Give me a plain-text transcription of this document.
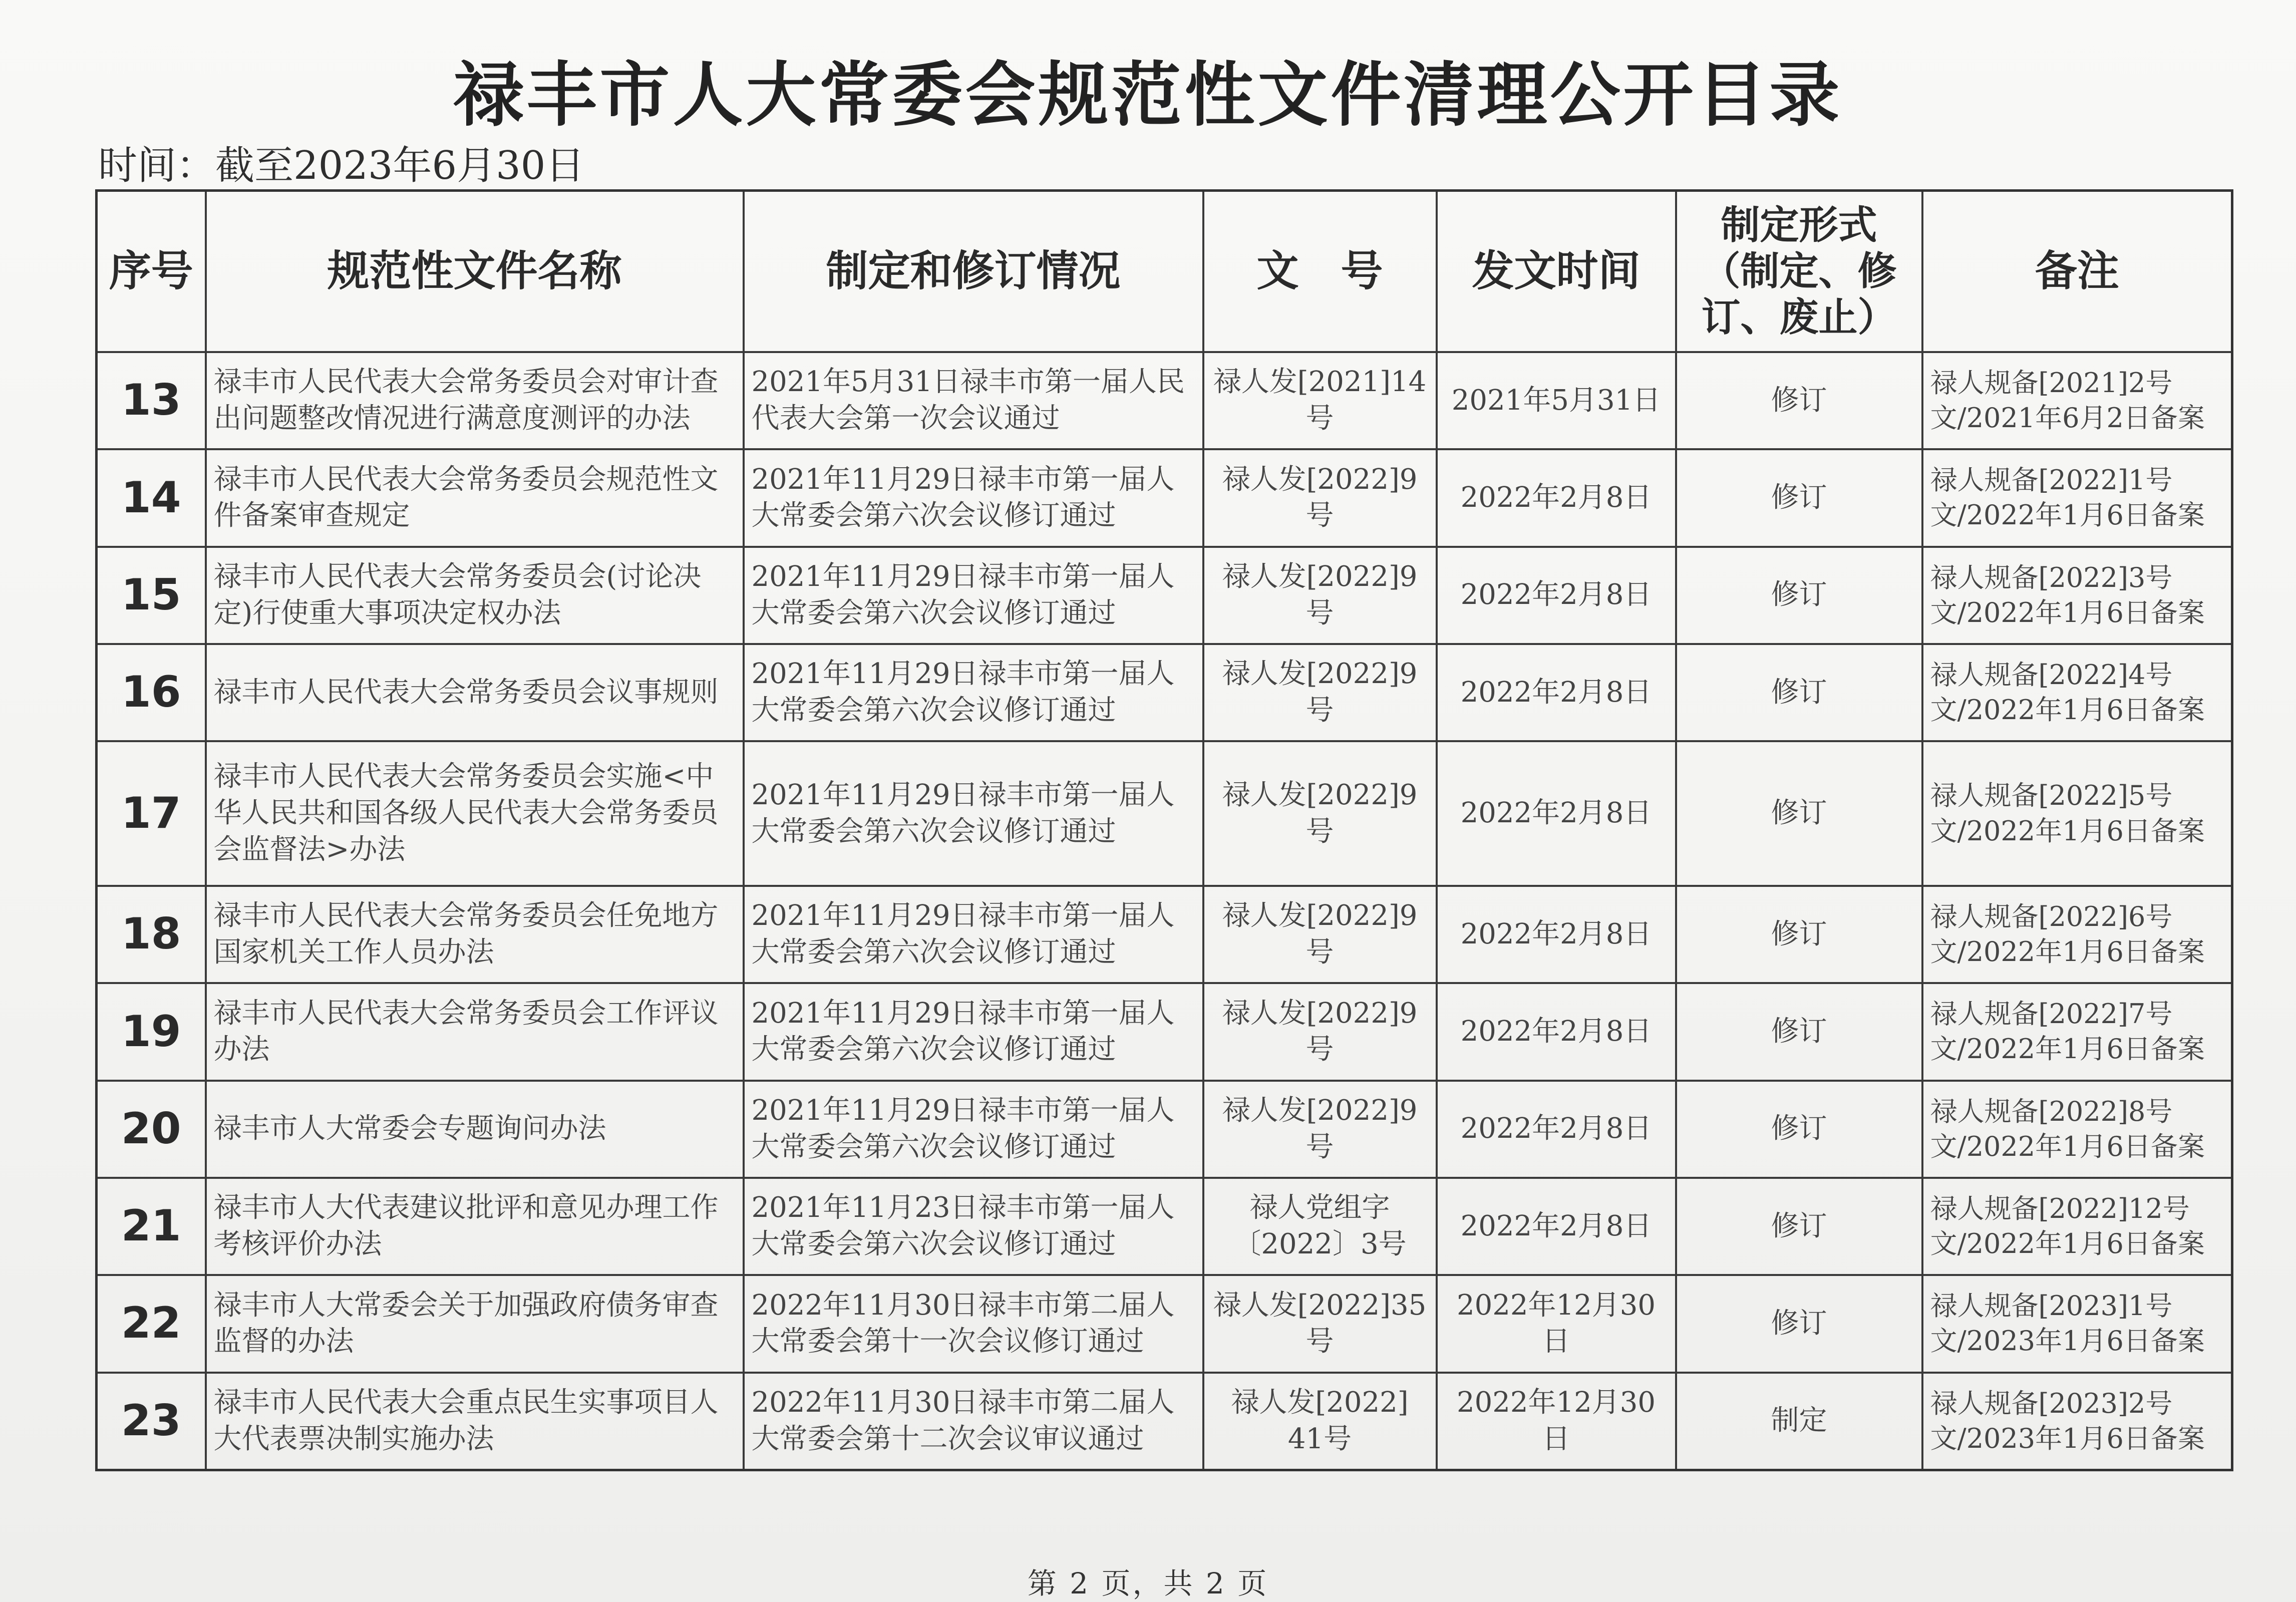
禄丰市人大常委会规范性文件清理公开目录
时间：截至2023年6月30日
序号	规范性文件名称	制定和修订情况	文　号	发文时间	制定形式（制定、修订、废止）	备注
13	禄丰市人民代表大会常务委员会对审计查出问题整改情况进行满意度测评的办法	2021年5月31日禄丰市第一届人民代表大会第一次会议通过	禄人发[2021]14号	2021年5月31日	修订	禄人规备[2021]2号文/2021年6月2日备案
14	禄丰市人民代表大会常务委员会规范性文件备案审查规定	2021年11月29日禄丰市第一届人大常委会第六次会议修订通过	禄人发[2022]9号	2022年2月8日	修订	禄人规备[2022]1号文/2022年1月6日备案
15	禄丰市人民代表大会常务委员会(讨论决定)行使重大事项决定权办法	2021年11月29日禄丰市第一届人大常委会第六次会议修订通过	禄人发[2022]9号	2022年2月8日	修订	禄人规备[2022]3号文/2022年1月6日备案
16	禄丰市人民代表大会常务委员会议事规则	2021年11月29日禄丰市第一届人大常委会第六次会议修订通过	禄人发[2022]9号	2022年2月8日	修订	禄人规备[2022]4号文/2022年1月6日备案
17	禄丰市人民代表大会常务委员会实施<中华人民共和国各级人民代表大会常务委员会监督法>办法	2021年11月29日禄丰市第一届人大常委会第六次会议修订通过	禄人发[2022]9号	2022年2月8日	修订	禄人规备[2022]5号文/2022年1月6日备案
18	禄丰市人民代表大会常务委员会任免地方国家机关工作人员办法	2021年11月29日禄丰市第一届人大常委会第六次会议修订通过	禄人发[2022]9号	2022年2月8日	修订	禄人规备[2022]6号文/2022年1月6日备案
19	禄丰市人民代表大会常务委员会工作评议办法	2021年11月29日禄丰市第一届人大常委会第六次会议修订通过	禄人发[2022]9号	2022年2月8日	修订	禄人规备[2022]7号文/2022年1月6日备案
20	禄丰市人大常委会专题询问办法	2021年11月29日禄丰市第一届人大常委会第六次会议修订通过	禄人发[2022]9号	2022年2月8日	修订	禄人规备[2022]8号文/2022年1月6日备案
21	禄丰市人大代表建议批评和意见办理工作考核评价办法	2021年11月23日禄丰市第一届人大常委会第六次会议修订通过	禄人党组字〔2022〕3号	2022年2月8日	修订	禄人规备[2022]12号文/2022年1月6日备案
22	禄丰市人大常委会关于加强政府债务审查监督的办法	2022年11月30日禄丰市第二届人大常委会第十一次会议修订通过	禄人发[2022]35号	2022年12月30日	修订	禄人规备[2023]1号文/2023年1月6日备案
23	禄丰市人民代表大会重点民生实事项目人大代表票决制实施办法	2022年11月30日禄丰市第二届人大常委会第十二次会议审议通过	禄人发[2022] 41号	2022年12月30日	制定	禄人规备[2023]2号文/2023年1月6日备案
第 2 页，共 2 页
